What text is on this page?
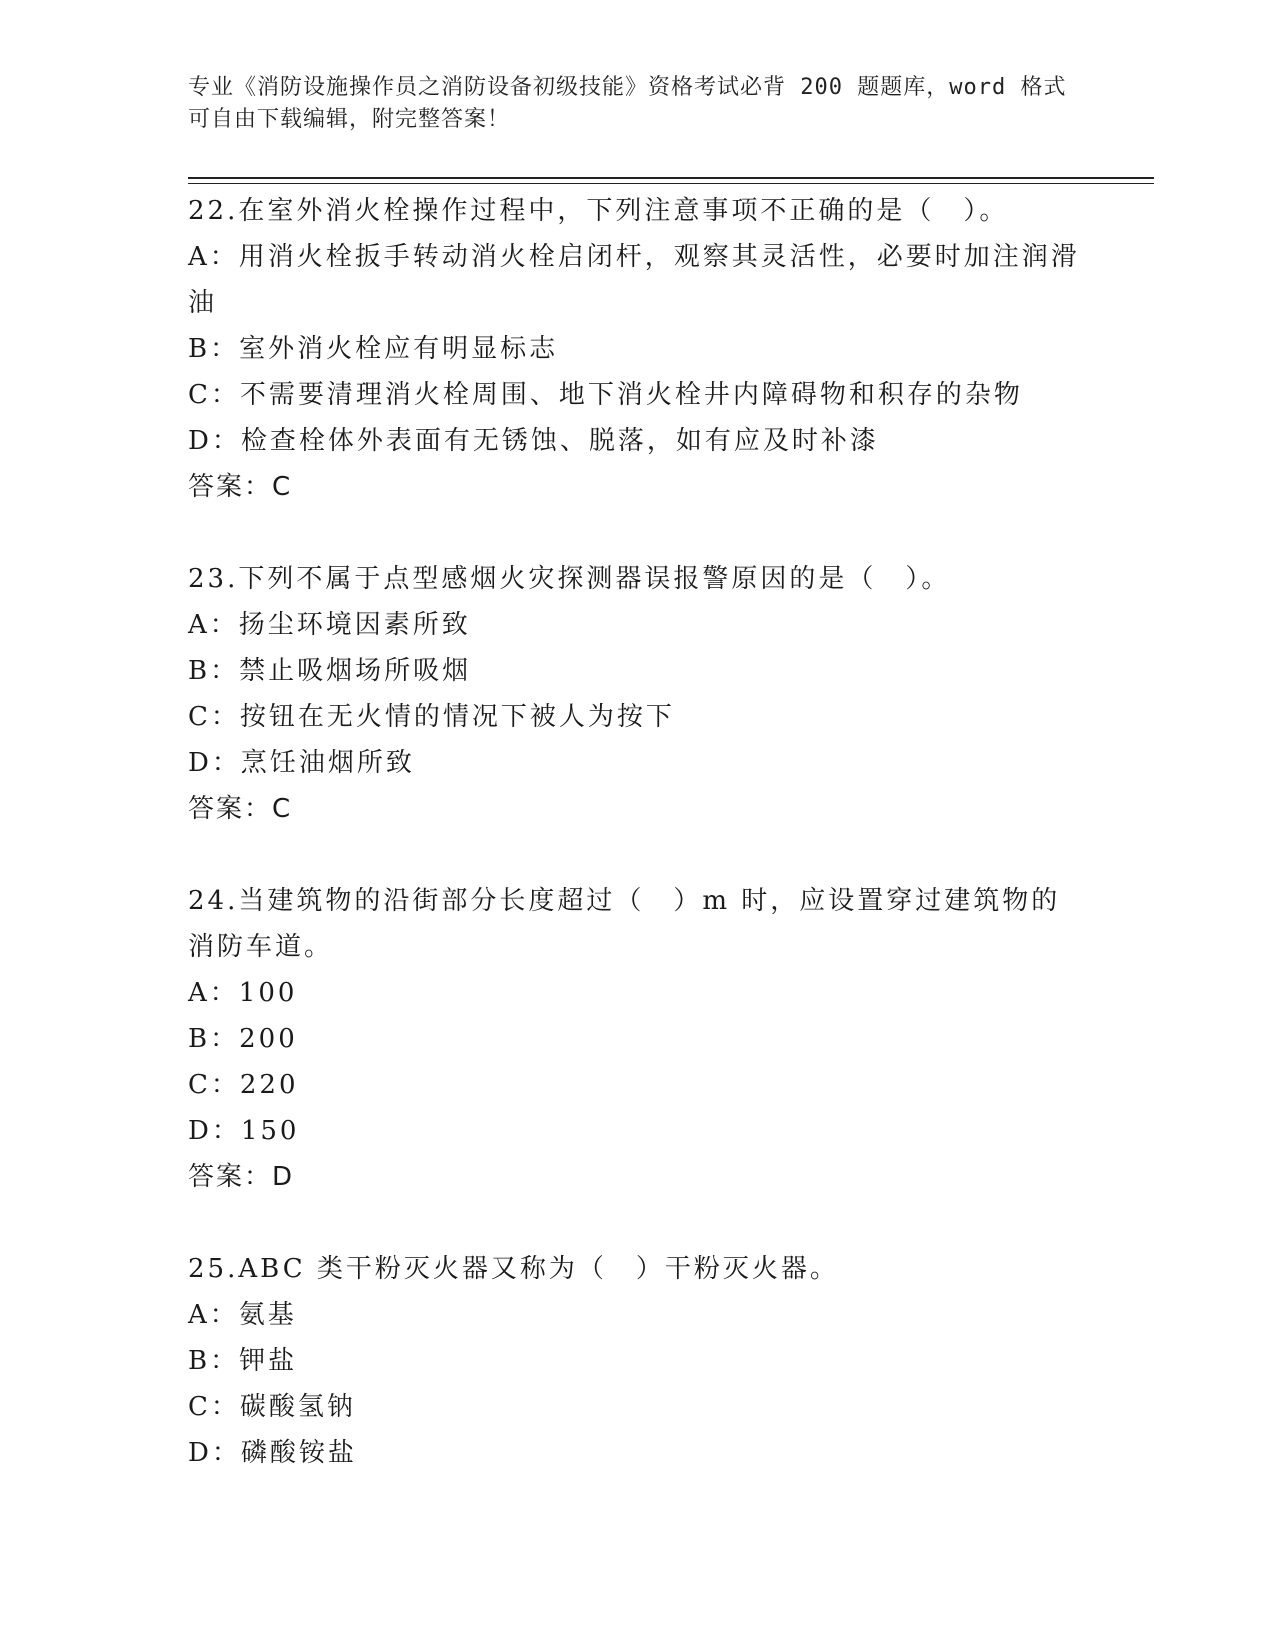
专业《消防设施操作员之消防设备初级技能》资格考试必背 200 题题库，word 格式可自由下载编辑，附完整答案！
22.在室外消火栓操作过程中，下列注意事项不正确的是（　）。
A：用消火栓扳手转动消火栓启闭杆，观察其灵活性，必要时加注润滑油
B：室外消火栓应有明显标志
C：不需要清理消火栓周围、地下消火栓井内障碍物和积存的杂物
D：检查栓体外表面有无锈蚀、脱落，如有应及时补漆
答案：C
23.下列不属于点型感烟火灾探测器误报警原因的是（　）。
A：扬尘环境因素所致
B：禁止吸烟场所吸烟
C：按钮在无火情的情况下被人为按下
D：烹饪油烟所致
答案：C
24.当建筑物的沿街部分长度超过（　）m 时，应设置穿过建筑物的消防车道。
A：100
B：200
C：220
D：150
答案：D
25.ABC 类干粉灭火器又称为（　）干粉灭火器。
A：氨基
B：钾盐
C：碳酸氢钠
D：磷酸铵盐
